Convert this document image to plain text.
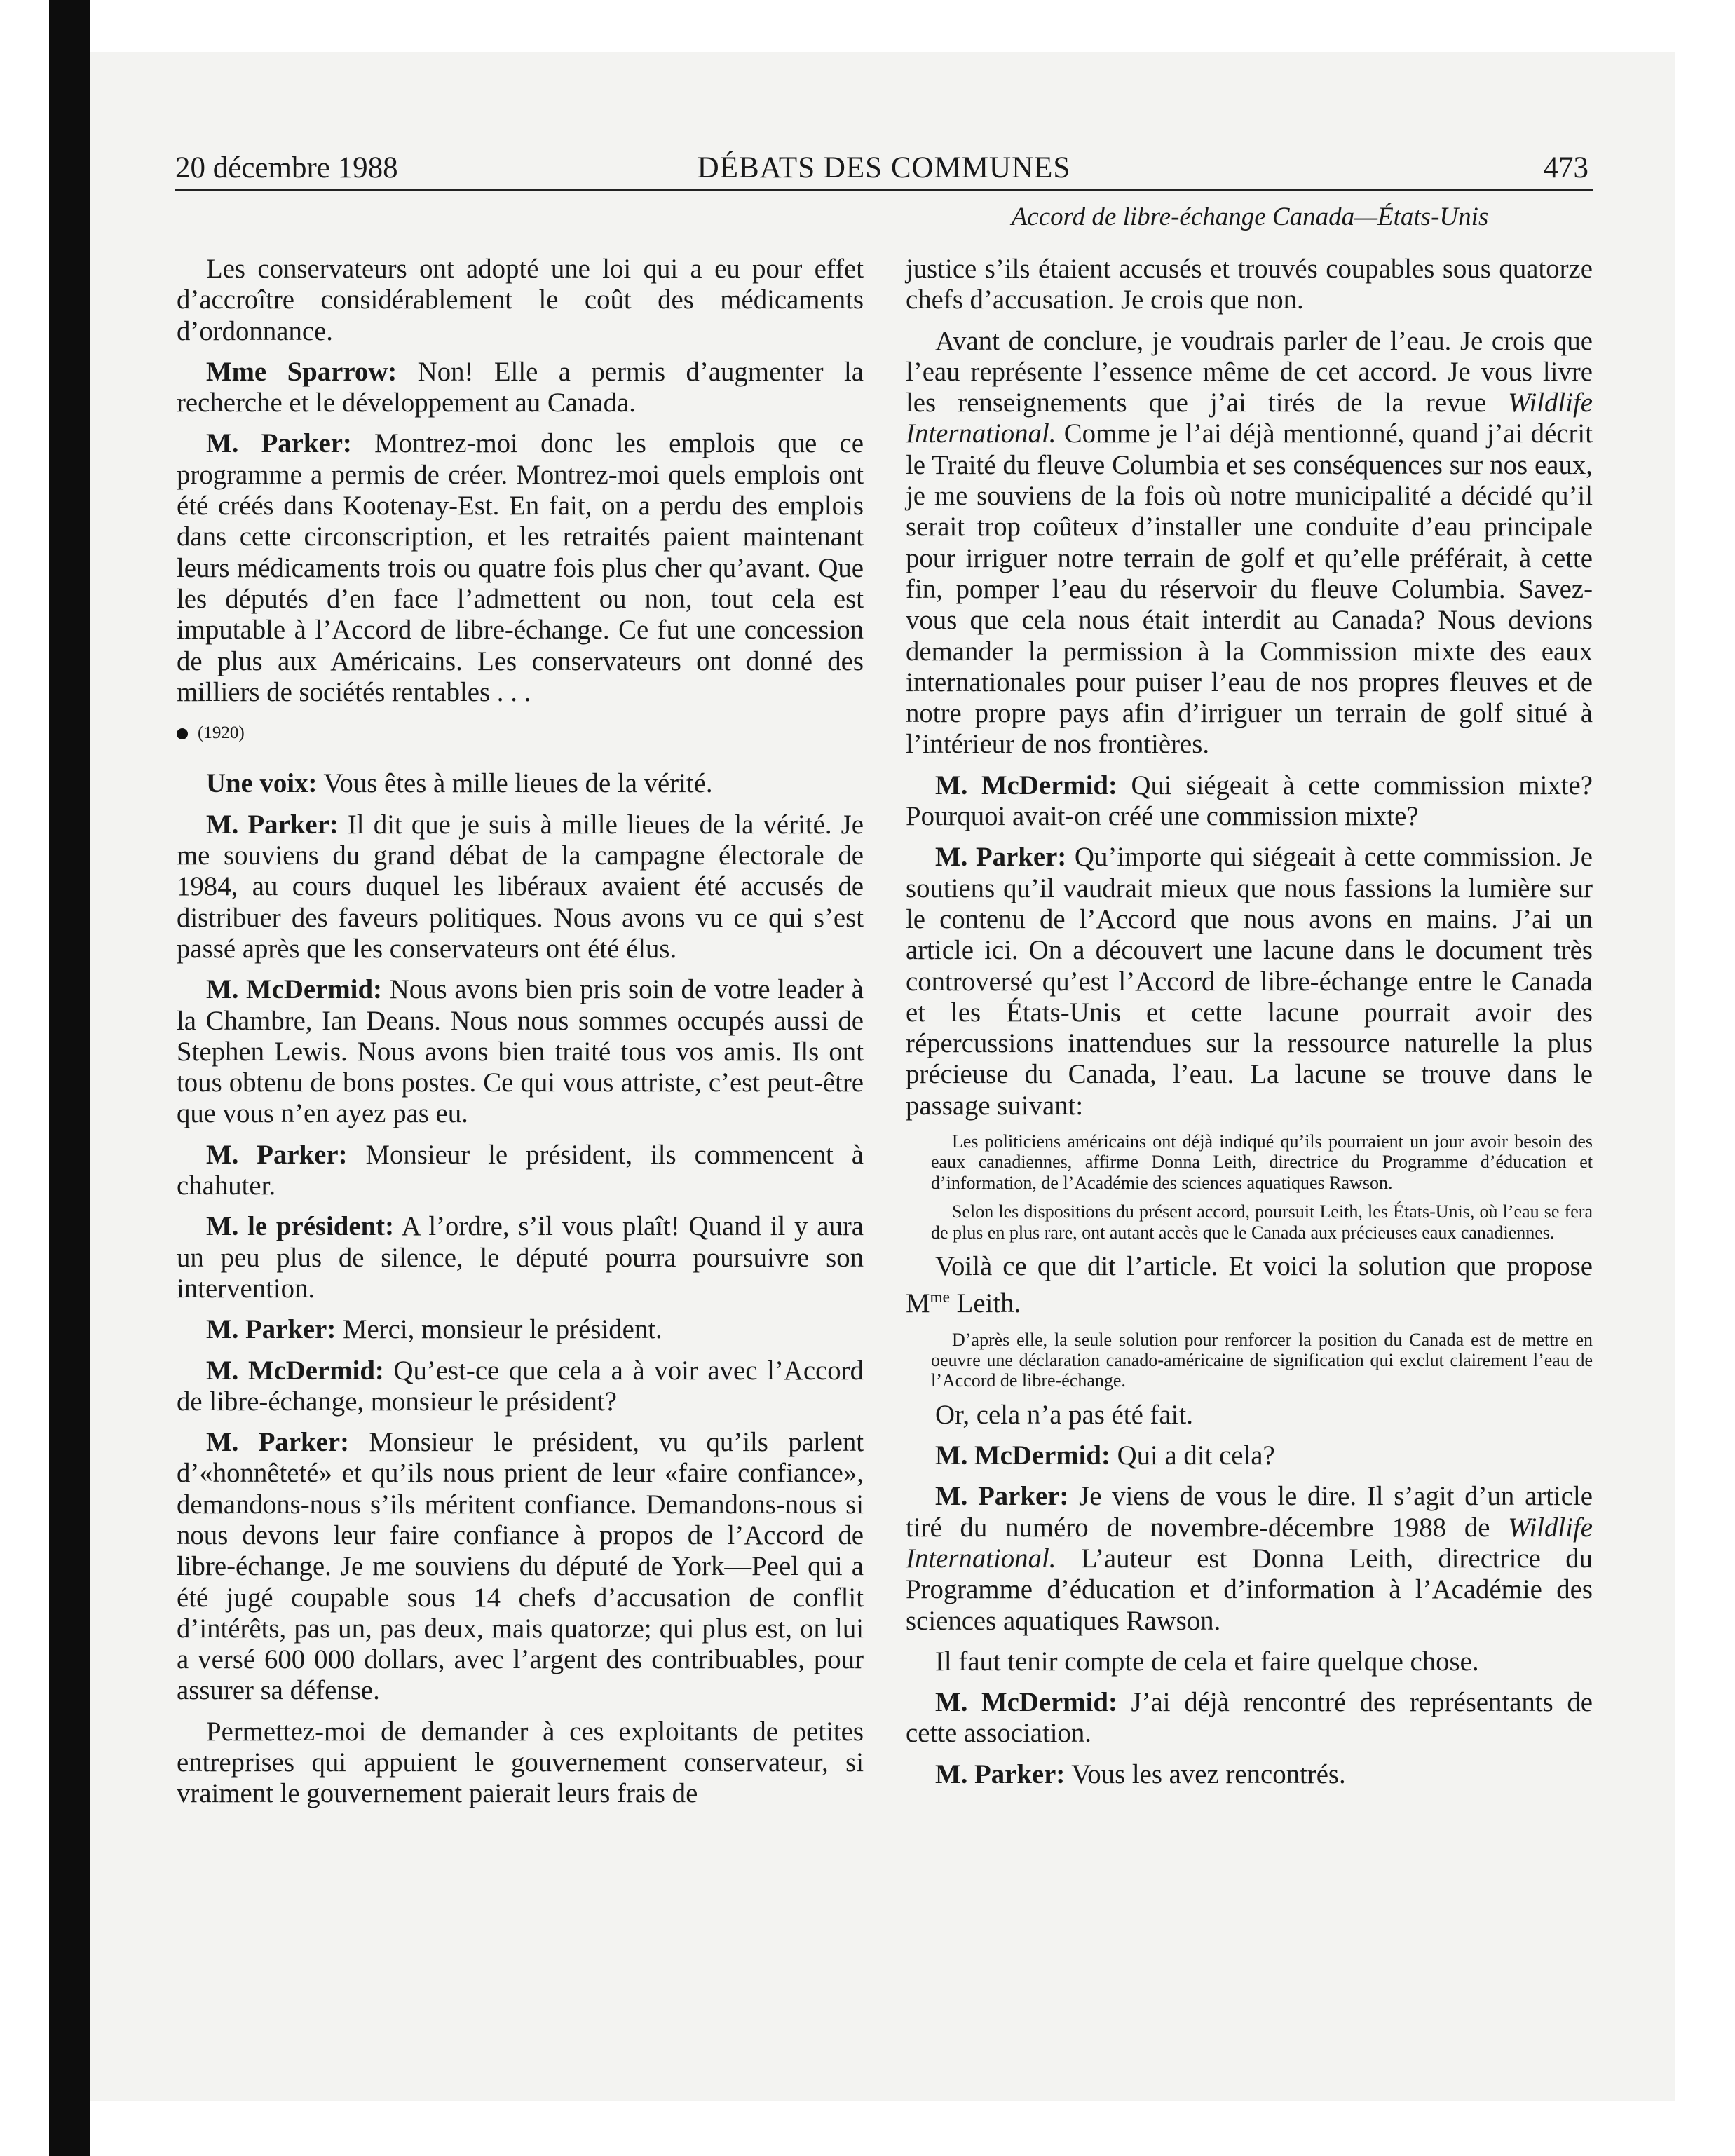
20 décembre 1988	DÉBATS DES COMMUNES	473
Accord de libre-échange Canada—États-Unis

Les conservateurs ont adopté une loi qui a eu pour effet d’accroître considérablement le coût des médicaments d’ordonnance.

Mme Sparrow: Non! Elle a permis d’augmenter la recherche et le développement au Canada.

M. Parker: Montrez-moi donc les emplois que ce programme a permis de créer. Montrez-moi quels emplois ont été créés dans Kootenay-Est. En fait, on a perdu des emplois dans cette circonscription, et les retraités paient maintenant leurs médicaments trois ou quatre fois plus cher qu’avant. Que les députés d’en face l’admettent ou non, tout cela est imputable à l’Accord de libre-échange. Ce fut une concession de plus aux Américains. Les conservateurs ont donné des milliers de sociétés rentables . . .

(1920)

Une voix: Vous êtes à mille lieues de la vérité.

M. Parker: Il dit que je suis à mille lieues de la vérité. Je me souviens du grand débat de la campagne électorale de 1984, au cours duquel les libéraux avaient été accusés de distribuer des faveurs politiques. Nous avons vu ce qui s’est passé après que les conservateurs ont été élus.

M. McDermid: Nous avons bien pris soin de votre leader à la Chambre, Ian Deans. Nous nous sommes occupés aussi de Stephen Lewis. Nous avons bien traité tous vos amis. Ils ont tous obtenu de bons postes. Ce qui vous attriste, c’est peut-être que vous n’en ayez pas eu.

M. Parker: Monsieur le président, ils commencent à chahuter.

M. le président: A l’ordre, s’il vous plaît! Quand il y aura un peu plus de silence, le député pourra poursuivre son intervention.

M. Parker: Merci, monsieur le président.

M. McDermid: Qu’est-ce que cela a à voir avec l’Accord de libre-échange, monsieur le président?

M. Parker: Monsieur le président, vu qu’ils parlent d’«honnêteté» et qu’ils nous prient de leur «faire confiance», demandons-nous s’ils méritent confiance. Demandons-nous si nous devons leur faire confiance à propos de l’Accord de libre-échange. Je me souviens du député de York—Peel qui a été jugé coupable sous 14 chefs d’accusation de conflit d’intérêts, pas un, pas deux, mais quatorze; qui plus est, on lui a versé 600 000 dollars, avec l’argent des contribuables, pour assurer sa défense.

Permettez-moi de demander à ces exploitants de petites entreprises qui appuient le gouvernement conservateur, si vraiment le gouvernement paierait leurs frais de

justice s’ils étaient accusés et trouvés coupables sous quatorze chefs d’accusation. Je crois que non.

Avant de conclure, je voudrais parler de l’eau. Je crois que l’eau représente l’essence même de cet accord. Je vous livre les renseignements que j’ai tirés de la revue Wildlife International. Comme je l’ai déjà mentionné, quand j’ai décrit le Traité du fleuve Columbia et ses conséquences sur nos eaux, je me souviens de la fois où notre municipalité a décidé qu’il serait trop coûteux d’installer une conduite d’eau principale pour irriguer notre terrain de golf et qu’elle préférait, à cette fin, pomper l’eau du réservoir du fleuve Columbia. Savez-vous que cela nous était interdit au Canada? Nous devions demander la permission à la Commission mixte des eaux internationales pour puiser l’eau de nos propres fleuves et de notre propre pays afin d’irriguer un terrain de golf situé à l’intérieur de nos frontières.

M. McDermid: Qui siégeait à cette commission mixte? Pourquoi avait-on créé une commission mixte?

M. Parker: Qu’importe qui siégeait à cette commission. Je soutiens qu’il vaudrait mieux que nous fassions la lumière sur le contenu de l’Accord que nous avons en mains. J’ai un article ici. On a découvert une lacune dans le document très controversé qu’est l’Accord de libre-échange entre le Canada et les États-Unis et cette lacune pourrait avoir des répercussions inattendues sur la ressource naturelle la plus précieuse du Canada, l’eau. La lacune se trouve dans le passage suivant:

Les politiciens américains ont déjà indiqué qu’ils pourraient un jour avoir besoin des eaux canadiennes, affirme Donna Leith, directrice du Programme d’éducation et d’information, de l’Académie des sciences aquatiques Rawson.

Selon les dispositions du présent accord, poursuit Leith, les États-Unis, où l’eau se fera de plus en plus rare, ont autant accès que le Canada aux précieuses eaux canadiennes.

Voilà ce que dit l’article. Et voici la solution que propose $M^{me}$ Leith.

D’après elle, la seule solution pour renforcer la position du Canada est de mettre en oeuvre une déclaration canado-américaine de signification qui exclut clairement l’eau de l’Accord de libre-échange.

Or, cela n’a pas été fait.

M. McDermid: Qui a dit cela?

M. Parker: Je viens de vous le dire. Il s’agit d’un article tiré du numéro de novembre-décembre 1988 de Wildlife International. L’auteur est Donna Leith, directrice du Programme d’éducation et d’information à l’Académie des sciences aquatiques Rawson.

Il faut tenir compte de cela et faire quelque chose.

M. McDermid: J’ai déjà rencontré des représentants de cette association.

M. Parker: Vous les avez rencontrés.
